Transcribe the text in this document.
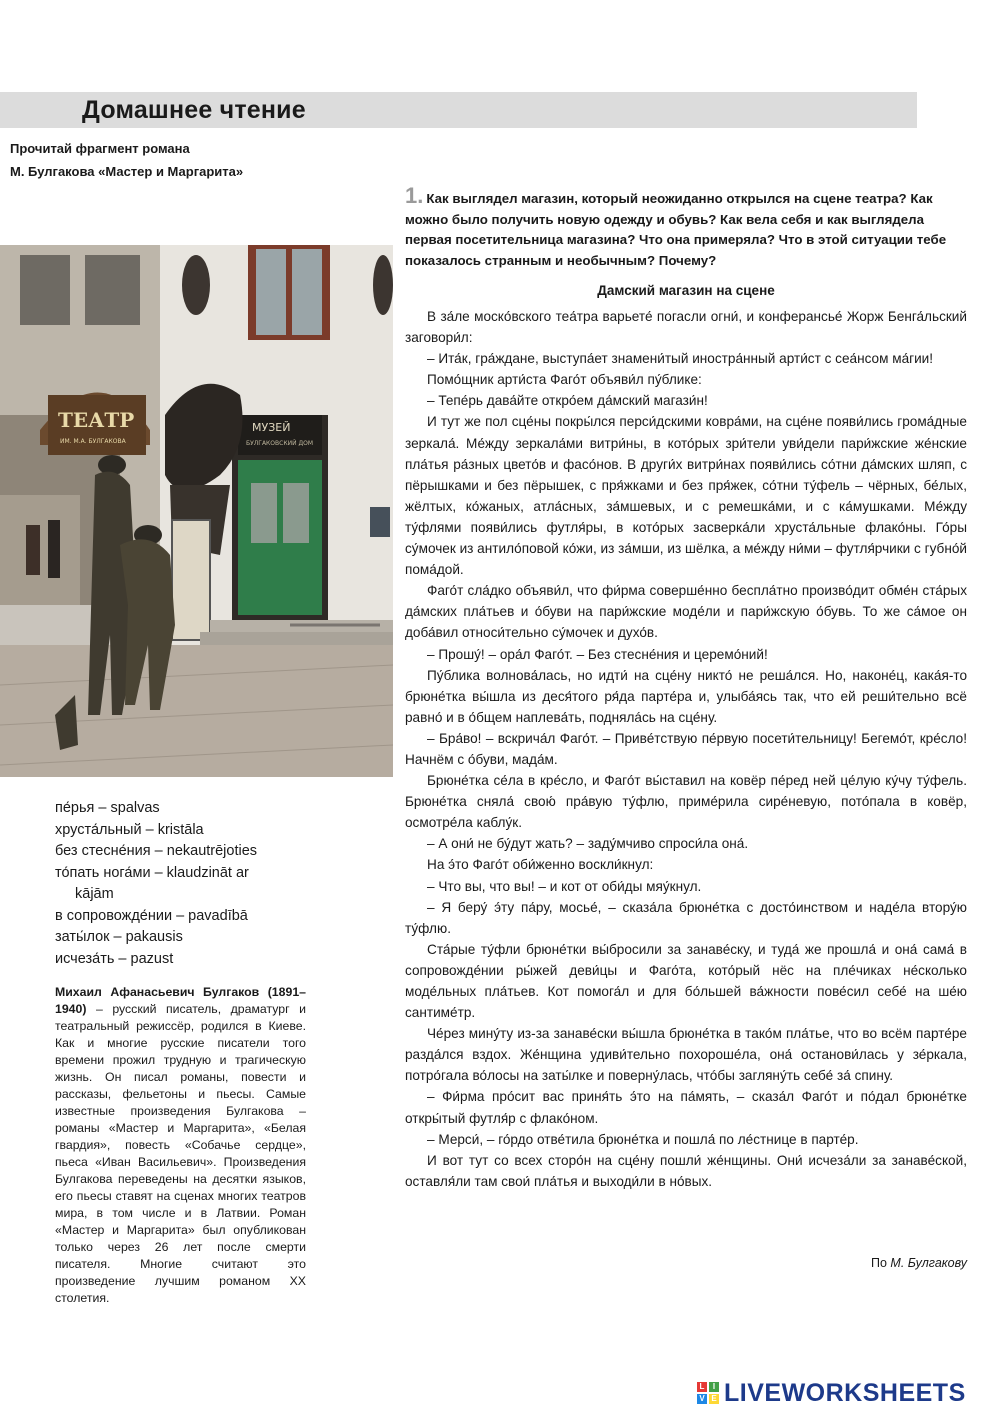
Домашнее чтение
Прочитай фрагмент романа
М. Булгакова «Мастер и Маргарита»
МУЗЕЙ
БУЛГАКОВСКИЙ ДОМ
ТЕАТР
ИМ. М.А. БУЛГАКОВА
пе́рья – spalvas
хруста́льный – kristāla
без стесне́ния – nekautrējoties
то́пать нога́ми – klaudzināt ar
kājām
в сопровожде́нии – pavadībā
заты́лок – pakausis
исчеза́ть – pazust
Михаил Афанасьевич Булгаков (1891–1940) – русский писатель, драматург и театральный режиссёр, родился в Киеве. Как и многие русские писатели того времени прожил трудную и трагическую жизнь. Он писал романы, повести и рассказы, фельетоны и пьесы. Самые известные произведения Булгакова – романы «Мастер и Маргарита», «Белая гвардия», повесть «Собачье сердце», пьеса «Иван Васильевич». Произведения Булгакова переведены на десятки языков, его пьесы ставят на сценах многих театров мира, в том числе и в Латвии. Роман «Мастер и Маргарита» был опубликован только через 26 лет после смерти писателя. Многие считают это произведение лучшим романом XX столетия.
1. Как выглядел магазин, который неожиданно открылся на сцене театра? Как можно было получить новую одежду и обувь? Как вела себя и как выглядела первая посетительница магазина? Что она примеряла? Что в этой ситуации тебе показалось странным и необычным? Почему?
Дамский магазин на сцене

В за́ле моско́вского теа́тра варьете́ погасли огни́, и конферансье́ Жорж Бенга́льский заговори́л:

– Ита́к, гра́ждане, выступа́ет знамени́тый иностра́нный арти́ст с сеа́нсом ма́гии!

Помо́щник арти́ста Фаго́т объяви́л пу́блике:

– Тепе́рь дава́йте откро́ем да́мский магази́н!

И тут же пол сце́ны покры́лся перси́дскими ковра́ми, на сце́не появи́лись грома́дные зеркала́. Ме́жду зеркала́ми витри́ны, в кото́рых зри́тели уви́дели пари́жские же́нские пла́тья ра́зных цвето́в и фасо́нов. В други́х витри́нах появи́лись со́тни да́мских шляп, с пёрышками и без пёрышек, с пря́жками и без пря́жек, со́тни ту́фель – чёрных, бе́лых, жёлтых, ко́жаных, атла́сных, за́мшевых, и с ремешка́ми, и с ка́мушками. Ме́жду ту́флями появи́лись футля́ры, в кото́рых засверка́ли хруста́льные флако́ны. Го́ры су́мочек из антило́повой ко́жи, из за́мши, из шёлка, а ме́жду ни́ми – футля́рчики с губно́й пома́дой.

Фаго́т сла́дко объяви́л, что фи́рма соверше́нно беспла́тно произво́дит обме́н ста́рых да́мских пла́тьев и о́буви на пари́жские моде́ли и пари́жскую о́бувь. То же са́мое он доба́вил относи́тельно су́мочек и духо́в.

– Прошу́! – ора́л Фаго́т. – Без стесне́ния и церемо́ний!

Пу́блика волнова́лась, но идти́ на сце́ну никто́ не реша́лся. Но, наконе́ц, кака́я-то брюне́тка вы́шла из деся́того ря́да парте́ра и, улыба́ясь так, что ей реши́тельно всё равно́ и в о́бщем наплева́ть, поднялáсь на сце́ну.

– Бра́во! – вскрича́л Фаго́т. – Приве́тствую пе́рвую посети́тельницу! Бегемо́т, кре́сло! Начнём с о́буви, мада́м.

Брюне́тка се́ла в кре́сло, и Фаго́т вы́ставил на ковёр пе́ред ней це́лую ку́чу ту́фель. Брюне́тка сняла́ свою́ пра́вую ту́флю, приме́рила сире́невую, пото́пала в ковёр, осмотре́ла каблу́к.

– А они́ не бу́дут жать? – заду́мчиво спроси́ла она́.

На э́то Фаго́т оби́женно воскли́кнул:

– Что вы, что вы! – и кот от оби́ды мяу́кнул.

– Я беру́ э́ту па́ру, мосье́, – сказа́ла брюне́тка с досто́инством и наде́ла втору́ю ту́флю.

Ста́рые ту́фли брюне́тки вы́бросили за занаве́ску, и туда́ же прошла́ и она́ сама́ в сопровожде́нии ры́жей деви́цы и Фаго́та, кото́рый нёс на пле́чиках не́сколько моде́льных пла́тьев. Кот помога́л и для бо́льшей ва́жности пове́сил себе́ на ше́ю сантиме́тр.

Че́рез мину́ту из-за занаве́ски вы́шла брюне́тка в тако́м пла́тье, что во всём парте́ре разда́лся вздох. Же́нщина удиви́тельно похороше́ла, она́ останови́лась у зе́ркала, потро́гала во́лосы на заты́лке и поверну́лась, чтóбы загляну́ть себе́ за́ спину.

– Фи́рма про́сит вас приня́ть э́то на па́мять, – сказа́л Фаго́т и по́дал брюне́тке откры́тый футля́р с флако́ном.

– Мерси́, – го́рдо отве́тила брюне́тка и пошла́ по ле́стнице в парте́р.

И вот тут со всех сторо́н на сце́ну пошли́ же́нщины. Они́ исчеза́ли за занаве́ской, оставля́ли там свои́ пла́тья и выходи́ли в но́вых.

По М. Булгакову
L	I
V E LIVEWORKSHEETS
